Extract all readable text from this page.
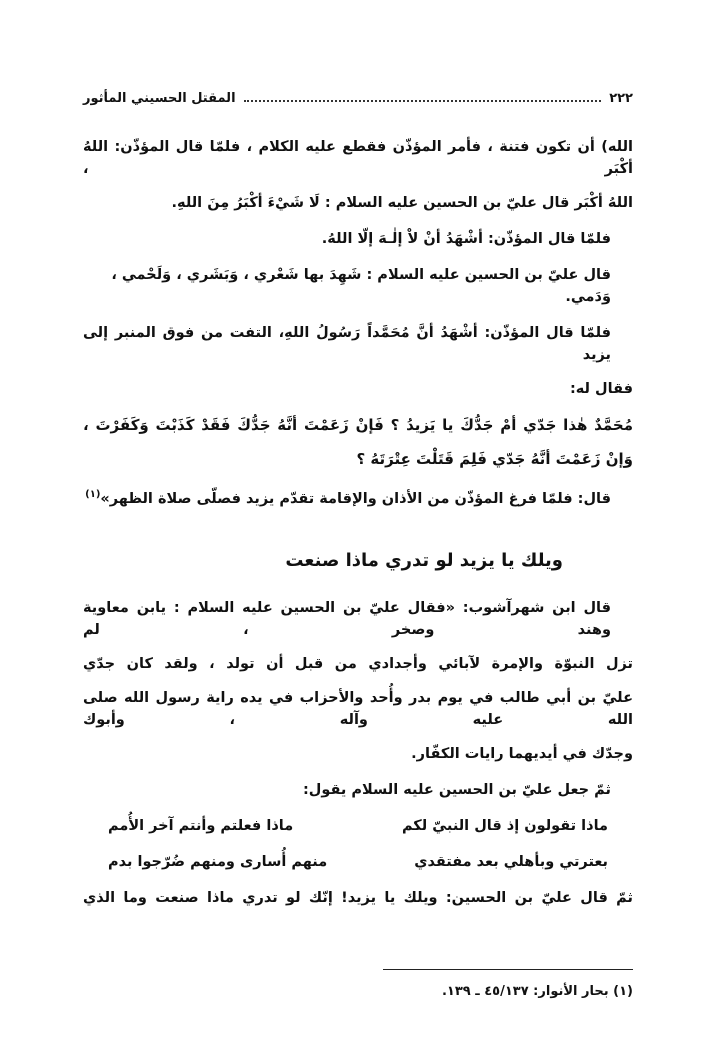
٢٢٢
المقتل الحسيني المأثور
الله) أن تكون فتنة ، فأمر المؤذّن فقطع عليه الكلام ، فلمّا قال المؤذّن: اللهُ أكْبَر ،
اللهُ أكْبَر قال عليّ بن الحسين عليه السلام : لَا شَيْءَ أكْبَرُ مِنَ اللهِ.
فلمّا قال المؤذّن: أشْهَدُ أنْ لاْ إلٰـهَ إلّا اللهُ.
قال عليّ بن الحسين عليه السلام : شَهِدَ بها شَعْري ، وَبَشَري ، وَلَحْمي ، وَدَمي.
فلمّا قال المؤذّن: أشْهَدُ أنَّ مُحَمَّداً رَسُولُ اللهِ، التفت من فوق المنبر إلى يزيد
فقال له:
مُحَمَّدٌ هٰذا جَدّي أمْ جَدُّكَ يا يَزيدُ ؟ فَإنْ زَعَمْتَ أنَّهُ جَدُّكَ فَقَدْ كَذَبْتَ وَكَفَرْتَ ،
وَإنْ زَعَمْتَ أنَّهُ جَدّي فَلِمَ قَتَلْتَ عِتْرَتَهُ ؟
قال: فلمّا فرغ المؤذّن من الأذان والإقامة تقدّم يزيد فصلّى صلاة الظهر»$^{(١)}$
ويلك يا يزيد لو تدري ماذا صنعت
قال ابن شهرآشوب: «فقال عليّ بن الحسين عليه السلام : يابن معاوية وهند وصخر ، لم
تزل النبوّة والإمرة لآبائي وأجدادي من قبل أن تولد ، ولقد كان جدّي
عليّ بن أبي طالب في يوم بدر وأُحد والأحزاب في يده راية رسول الله صلى الله عليه وآله ، وأبوك
وجدّك في أيديهما رايات الكفّار.
ثمّ جعل عليّ بن الحسين عليه السلام يقول:
ماذا تقولون إذ قال النبيّ لكم
ماذا فعلتم وأنتم آخر الأُمم
بعترتي وبأهلي بعد مفتقدي
منهم أُسارى ومنهم ضُرّجوا بدم
ثمّ قال عليّ بن الحسين: ويلك يا يزيد! إنّك لو تدري ماذا صنعت وما الذي
(١) بحار الأنوار: ٤٥/١٣٧ ـ ١٣٩.
